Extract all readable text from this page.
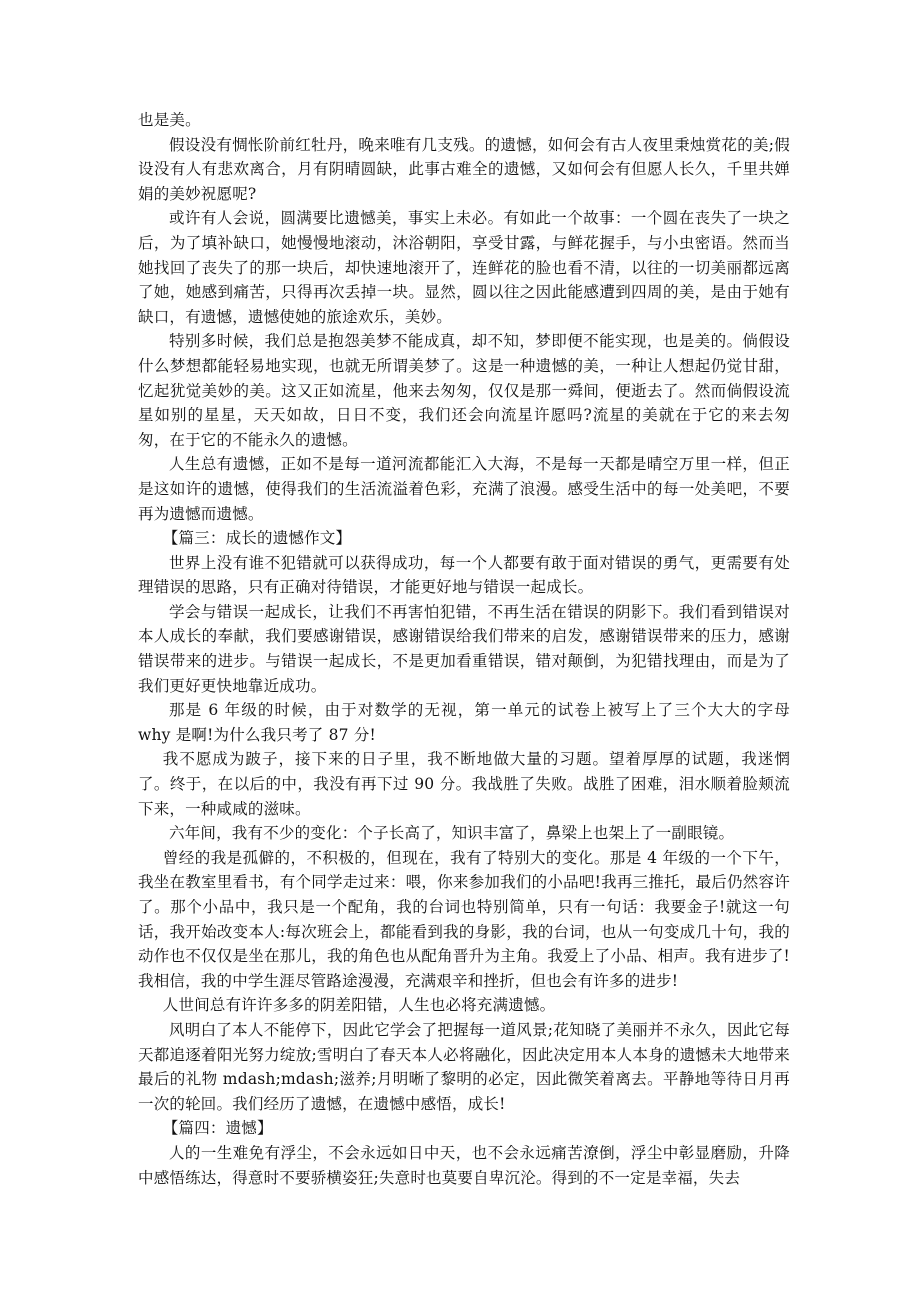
也是美。

假设没有惆怅阶前红牡丹，晚来唯有几支残。的遗憾，如何会有古人夜里秉烛赏花的美;假设没有人有悲欢离合，月有阴晴圆缺，此事古难全的遗憾，又如何会有但愿人长久，千里共婵娟的美妙祝愿呢?

或许有人会说，圆满要比遗憾美，事实上未必。有如此一个故事：一个圆在丧失了一块之后，为了填补缺口，她慢慢地滚动，沐浴朝阳，享受甘露，与鲜花握手，与小虫密语。然而当她找回了丧失了的那一块后，却快速地滚开了，连鲜花的脸也看不清，以往的一切美丽都远离了她，她感到痛苦，只得再次丢掉一块。显然，圆以往之因此能感遭到四周的美，是由于她有缺口，有遗憾，遗憾使她的旅途欢乐，美妙。

特别多时候，我们总是抱怨美梦不能成真，却不知，梦即便不能实现，也是美的。倘假设什么梦想都能轻易地实现，也就无所谓美梦了。这是一种遗憾的美，一种让人想起仍觉甘甜，忆起犹觉美妙的美。这又正如流星，他来去匆匆，仅仅是那一舜间，便逝去了。然而倘假设流星如别的星星，天天如故，日日不变，我们还会向流星许愿吗?流星的美就在于它的来去匆匆，在于它的不能永久的遗憾。

人生总有遗憾，正如不是每一道河流都能汇入大海，不是每一天都是晴空万里一样，但正是这如许的遗憾，使得我们的生活流溢着色彩，充满了浪漫。感受生活中的每一处美吧，不要再为遗憾而遗憾。

【篇三：成长的遗憾作文】

世界上没有谁不犯错就可以获得成功，每一个人都要有敢于面对错误的勇气，更需要有处理错误的思路，只有正确对待错误，才能更好地与错误一起成长。

学会与错误一起成长，让我们不再害怕犯错，不再生活在错误的阴影下。我们看到错误对本人成长的奉献，我们要感谢错误，感谢错误给我们带来的启发，感谢错误带来的压力，感谢错误带来的进步。与错误一起成长，不是更加看重错误，错对颠倒，为犯错找理由，而是为了我们更好更快地靠近成功。

那是 6 年级的时候，由于对数学的无视，第一单元的试卷上被写上了三个大大的字母 why 是啊!为什么我只考了 87 分!

我不愿成为跛子，接下来的日子里，我不断地做大量的习题。望着厚厚的试题，我迷惘了。终于，在以后的中，我没有再下过 90 分。我战胜了失败。战胜了困难，泪水顺着脸颊流下来，一种咸咸的滋味。

六年间，我有不少的变化：个子长高了，知识丰富了，鼻梁上也架上了一副眼镜。

曾经的我是孤僻的，不积极的，但现在，我有了特别大的变化。那是 4 年级的一个下午，我坐在教室里看书，有个同学走过来：喂，你来参加我们的小品吧!我再三推托，最后仍然容许了。那个小品中，我只是一个配角，我的台词也特别简单，只有一句话：我要金子!就这一句话，我开始改变本人:每次班会上，都能看到我的身影，我的台词，也从一句变成几十句，我的动作也不仅仅是坐在那儿，我的角色也从配角晋升为主角。我爱上了小品、相声。我有进步了!我相信，我的中学生涯尽管路途漫漫，充满艰辛和挫折，但也会有许多的进步!

人世间总有许许多多的阴差阳错，人生也必将充满遗憾。

风明白了本人不能停下，因此它学会了把握每一道风景;花知晓了美丽并不永久，因此它每天都追逐着阳光努力绽放;雪明白了春天本人必将融化，因此决定用本人本身的遗憾未大地带来最后的礼物 mdash;mdash;滋养;月明晰了黎明的必定，因此微笑着离去。平静地等待日月再一次的轮回。我们经历了遗憾，在遗憾中感悟，成长!

【篇四：遗憾】

人的一生难免有浮尘，不会永远如日中天，也不会永远痛苦潦倒，浮尘中彰显磨励，升降中感悟练达，得意时不要骄横姿狂;失意时也莫要自卑沉沦。得到的不一定是幸福，失去
